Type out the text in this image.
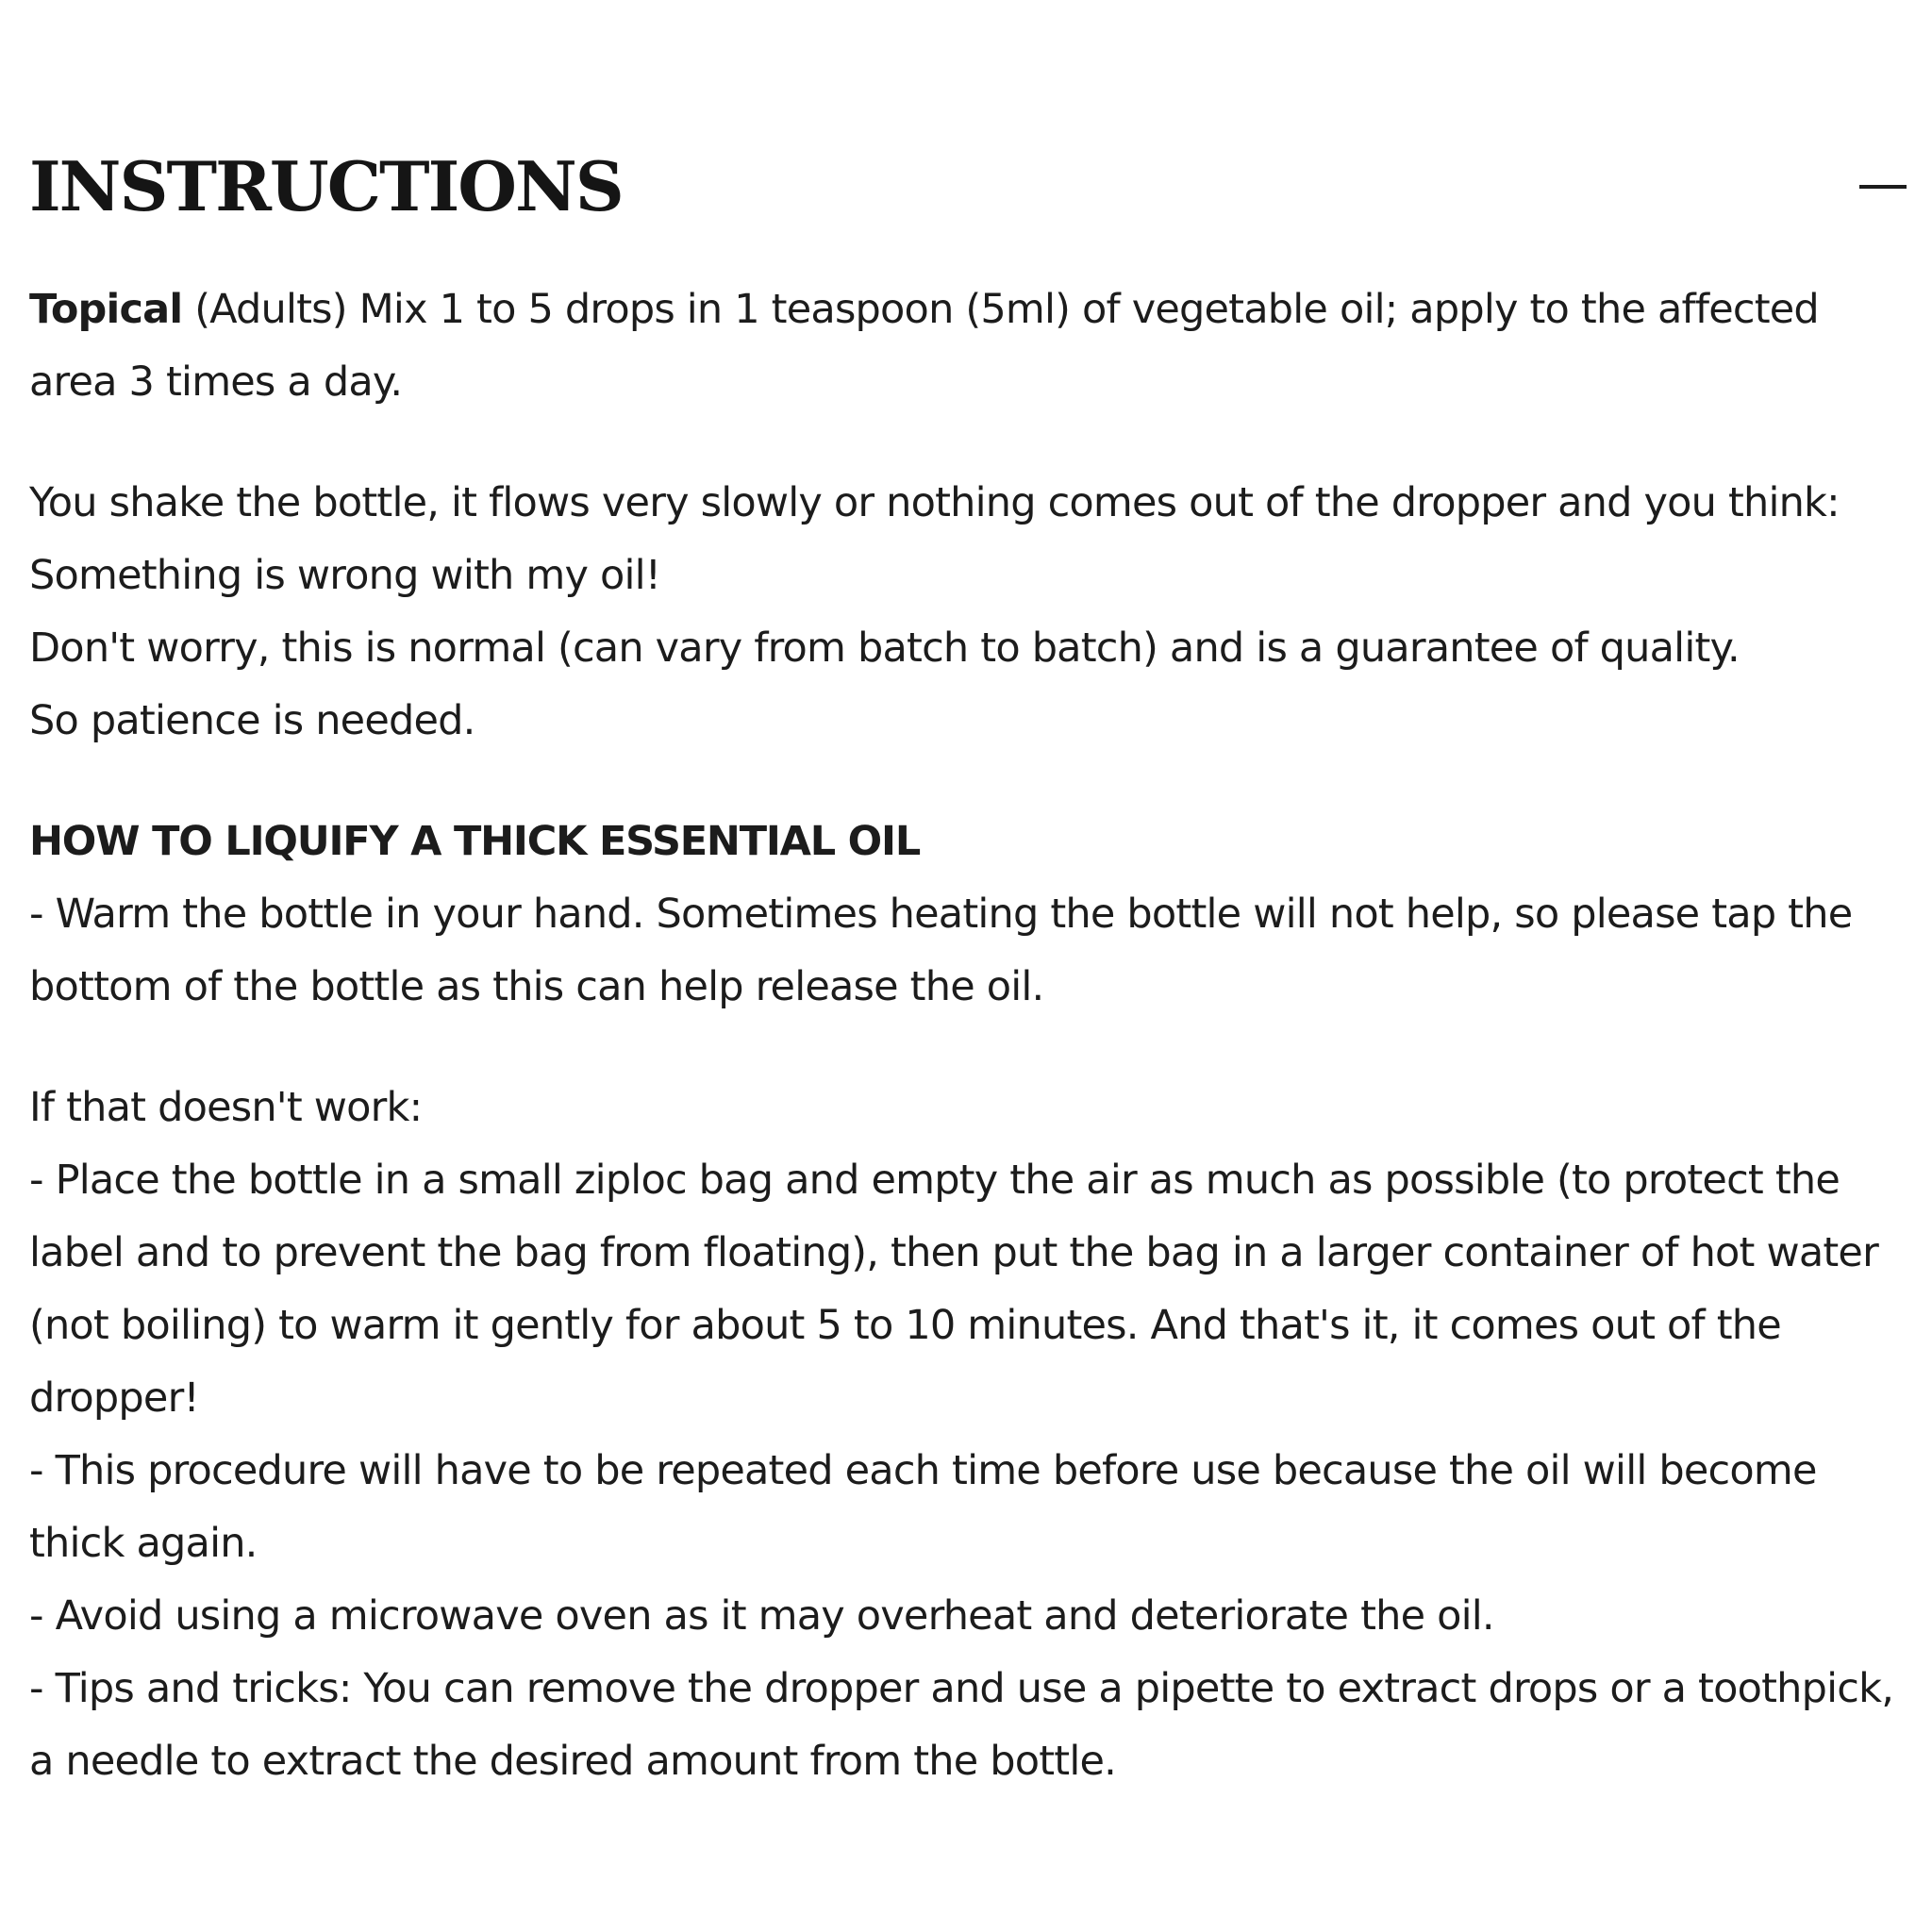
INSTRUCTIONS

Topical (Adults) Mix 1 to 5 drops in 1 teaspoon (5ml) of vegetable oil; apply to the affected area 3 times a day.

You shake the bottle, it flows very slowly or nothing comes out of the dropper and you think: Something is wrong with my oil!

Don't worry, this is normal (can vary from batch to batch) and is a guarantee of quality.

So patience is needed.

HOW TO LIQUIFY A THICK ESSENTIAL OIL

- Warm the bottle in your hand. Sometimes heating the bottle will not help, so please tap the bottom of the bottle as this can help release the oil.

If that doesn't work:

- Place the bottle in a small ziploc bag and empty the air as much as possible (to protect the label and to prevent the bag from floating), then put the bag in a larger container of hot water (not boiling) to warm it gently for about 5 to 10 minutes. And that's it, it comes out of the dropper!

- This procedure will have to be repeated each time before use because the oil will become thick again.

- Avoid using a microwave oven as it may overheat and deteriorate the oil.

- Tips and tricks: You can remove the dropper and use a pipette to extract drops or a toothpick, a needle to extract the desired amount from the bottle.
